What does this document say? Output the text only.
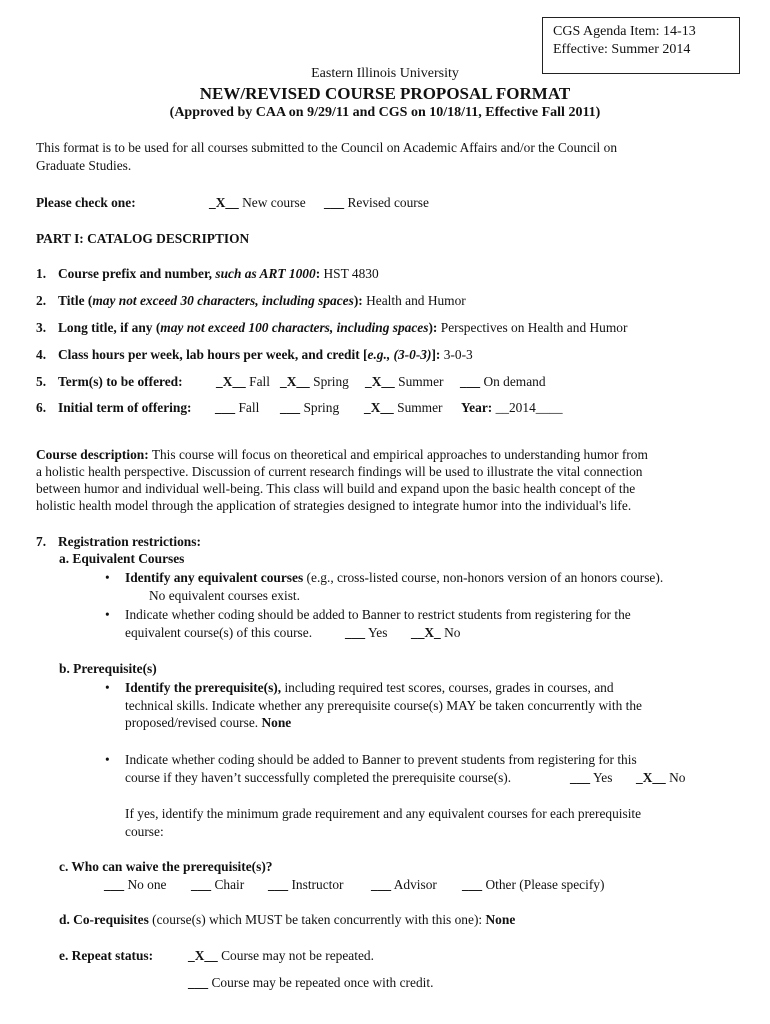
CGS Agenda Item: 14-13
Effective: Summer 2014
Eastern Illinois University
NEW/REVISED COURSE PROPOSAL FORMAT
(Approved by CAA on 9/29/11 and CGS on 10/18/11, Effective Fall 2011)
This format is to be used for all courses submitted to the Council on Academic Affairs and/or the Council on
Graduate Studies.
Please check one:	_X__ New course ___ Revised course
PART I: CATALOG DESCRIPTION
1. Course prefix and number, such as ART 1000: HST 4830
2. Title (may not exceed 30 characters, including spaces): Health and Humor
3. Long title, if any (may not exceed 100 characters, including spaces): Perspectives on Health and Humor
4. Class hours per week, lab hours per week, and credit [e.g., (3-0-3)]: 3-0-3
5. Term(s) to be offered: _X__ Fall _X__ Spring _X__ Summer ___ On demand
6. Initial term of offering: ___ Fall ___ Spring _X__ Summer Year: __2014____
Course description: This course will focus on theoretical and empirical approaches to understanding humor from
a holistic health perspective. Discussion of current research findings will be used to illustrate the vital connection
between humor and individual well-being. This class will build and expand upon the basic health concept of the
holistic health model through the application of strategies designed to integrate humor into the individual's life.
7. Registration restrictions:
a. Equivalent Courses
• Identify any equivalent courses (e.g., cross-listed course, non-honors version of an honors course).
No equivalent courses exist.
• Indicate whether coding should be added to Banner to restrict students from registering for the
equivalent course(s) of this course. ___ Yes __X_ No
b. Prerequisite(s)
• Identify the prerequisite(s), including required test scores, courses, grades in courses, and
technical skills. Indicate whether any prerequisite course(s) MAY be taken concurrently with the
proposed/revised course. None
• Indicate whether coding should be added to Banner to prevent students from registering for this
course if they haven’t successfully completed the prerequisite course(s).	___ Yes _X__ No
If yes, identify the minimum grade requirement and any equivalent courses for each prerequisite
course:
c. Who can waive the prerequisite(s)?
___ No one ___ Chair ___ Instructor ___ Advisor ___ Other (Please specify)
d. Co-requisites (course(s) which MUST be taken concurrently with this one): None
e. Repeat status:	_X__ Course may not be repeated.
___ Course may be repeated once with credit.
